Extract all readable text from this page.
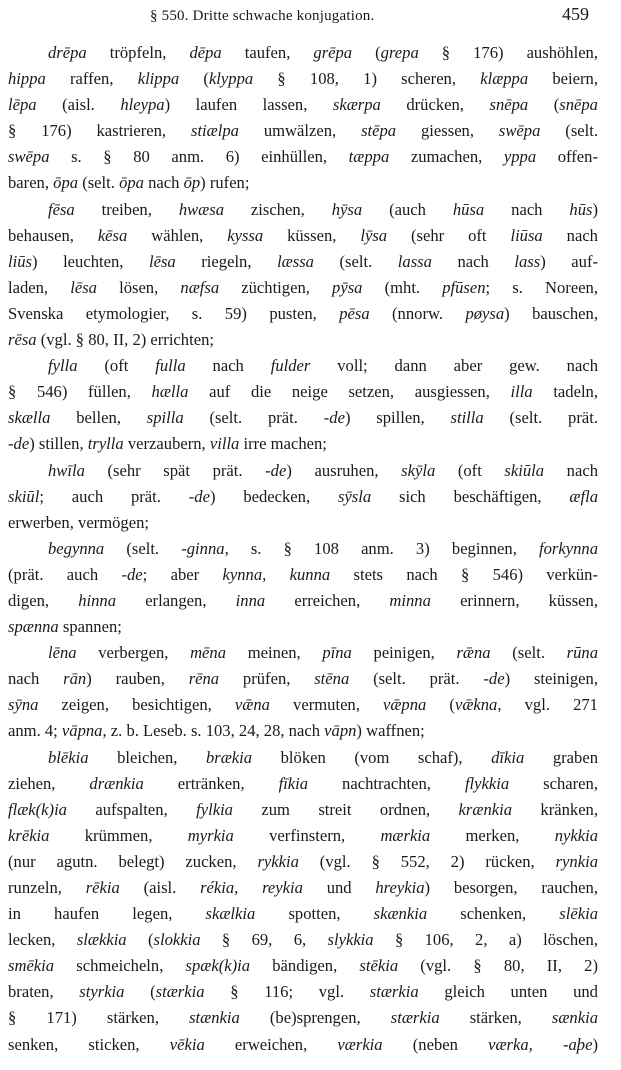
§ 550. Dritte schwache konjugation.	459
drēpa tröpfeln, dēpa taufen, grēpa (grepa § 176) aushöhlen,
hippa raffen, klippa (klyppa § 108, 1) scheren, klæppa beiern,
lēpa (aisl. hleypa) laufen lassen, skærpa drücken, snēpa (snēpa
§ 176) kastrieren, stiælpa umwälzen, stēpa giessen, swēpa (selt.
swēpa s. § 80 anm. 6) einhüllen, tæppa zumachen, yppa offen-
baren, ōpa (selt. ōpa nach ōp) rufen;
fēsa treiben, hwæsa zischen, hȳsa (auch hūsa nach hūs)
behausen, kēsa wählen, kyssa küssen, lȳsa (sehr oft liūsa nach
liūs) leuchten, lēsa riegeln, læssa (selt. lassa nach lass) auf-
laden, lēsa lösen, næfsa züchtigen, pȳsa (mht. pfūsen; s. Noreen,
Svenska etymologier, s. 59) pusten, pēsa (nnorw. pøysa) bauschen,
rēsa (vgl. § 80, II, 2) errichten;
fylla (oft fulla nach fulder voll; dann aber gew. nach
§ 546) füllen, hælla auf die neige setzen, ausgiessen, illa tadeln,
skælla bellen, spilla (selt. prät. -de) spillen, stilla (selt. prät.
-de) stillen, trylla verzaubern, villa irre machen;
hwīla (sehr spät prät. -de) ausruhen, skȳla (oft skiūla nach
skiūl; auch prät. -de) bedecken, sȳsla sich beschäftigen, æfla
erwerben, vermögen;
begynna (selt. -ginna, s. § 108 anm. 3) beginnen, forkynna
(prät. auch -de; aber kynna, kunna stets nach § 546) verkün-
digen, hinna erlangen, inna erreichen, minna erinnern, küssen,
spænna spannen;
lēna verbergen, mēna meinen, pīna peinigen, rǣna (selt. rūna
nach rān) rauben, rēna prüfen, stēna (selt. prät. -de) steinigen,
sȳna zeigen, besichtigen, vǣna vermuten, vǣpna (vǣkna, vgl. 271
anm. 4; vāpna, z. b. Leseb. s. 103, 24, 28, nach vāpn) waffnen;
blēkia bleichen, brækia blöken (vom schaf), dīkia graben
ziehen, drænkia ertränken, fīkia nachtrachten, flykkia scharen,
flæk(k)ia aufspalten, fylkia zum streit ordnen, krænkia kränken,
krēkia krümmen, myrkia verfinstern, mærkia merken, nykkia
(nur agutn. belegt) zucken, rykkia (vgl. § 552, 2) rücken, rynkia
runzeln, rēkia (aisl. rékia, reykia und hreykia) besorgen, rauchen,
in haufen legen, skælkia spotten, skænkia schenken, slēkia
lecken, slækkia (slokkia § 69, 6, slykkia § 106, 2, a) löschen,
smēkia schmeicheln, spæk(k)ia bändigen, stēkia (vgl. § 80, II, 2)
braten, styrkia (stærkia § 116; vgl. stærkia gleich unten und
§ 171) stärken, stænkia (be)sprengen, stærkia stärken, sænkia
senken, sticken, vēkia erweichen, værkia (neben værka, -aþe)
